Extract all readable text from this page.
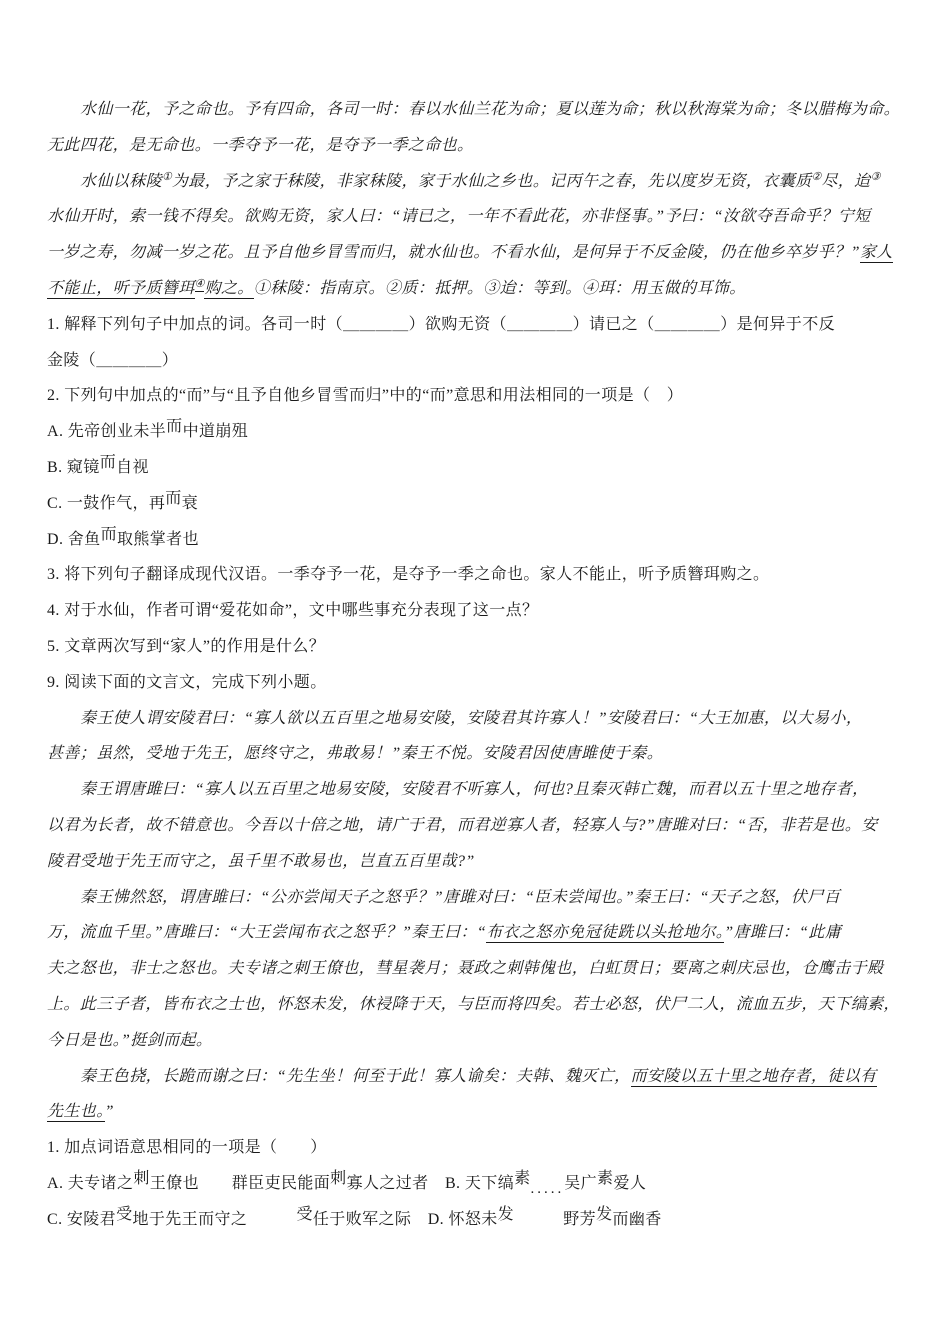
水仙一花，予之命也。予有四命，各司一时：春以水仙兰花为命；夏以莲为命；秋以秋海棠为命；冬以腊梅为命。
无此四花，是无命也。一季夺予一花，是夺予一季之命也。
水仙以秣陵①为最，予之家于秣陵，非家秣陵，家于水仙之乡也。记丙午之春，先以度岁无资，衣囊质②尽，迨③
水仙开时，索一钱不得矣。欲购无资，家人曰：“请已之，一年不看此花，亦非怪事。”予曰：“汝欲夺吾命乎？宁短
一岁之寿，勿减一岁之花。且予自他乡冒雪而归，就水仙也。不看水仙，是何异于不反金陵，仍在他乡卒岁乎？”家人
不能止，听予质簪珥④购之。①秣陵：指南京。②质：抵押。③迨：等到。④珥：用玉做的耳饰。
1. 解释下列句子中加点的词。各司一时（＿＿＿＿）欲购无资（＿＿＿＿）请已之（＿＿＿＿）是何异于不反
金陵（＿＿＿＿）
2. 下列句中加点的“而”与“且予自他乡冒雪而归”中的“而”意思和用法相同的一项是（　）
A. 先帝创业未半而中道崩殂
B. 窥镜而自视
C. 一鼓作气，再而衰
D. 舍鱼而取熊掌者也
3. 将下列句子翻译成现代汉语。一季夺予一花，是夺予一季之命也。家人不能止，听予质簪珥购之。
4. 对于水仙，作者可谓“爱花如命”，文中哪些事充分表现了这一点？
5. 文章两次写到“家人”的作用是什么？
9. 阅读下面的文言文，完成下列小题。
秦王使人谓安陵君曰：“寡人欲以五百里之地易安陵，安陵君其许寡人！”安陵君曰：“大王加惠，以大易小，
甚善；虽然，受地于先王，愿终守之，弗敢易！”秦王不悦。安陵君因使唐雎使于秦。
秦王谓唐雎曰：“寡人以五百里之地易安陵，安陵君不听寡人，何也?且秦灭韩亡魏，而君以五十里之地存者，
以君为长者，故不错意也。今吾以十倍之地，请广于君，而君逆寡人者，轻寡人与?”唐雎对曰：“否，非若是也。安
陵君受地于先王而守之，虽千里不敢易也，岂直五百里哉?”
秦王怫然怒，谓唐雎曰：“公亦尝闻天子之怒乎？”唐雎对曰：“臣未尝闻也。”秦王曰：“天子之怒，伏尸百
万，流血千里。”唐雎曰：“大王尝闻布衣之怒乎？”秦王曰：“布衣之怒亦免冠徒跣以头抢地尔。”唐雎曰：“此庸
夫之怒也，非士之怒也。夫专诸之刺王僚也，彗星袭月；聂政之刺韩傀也，白虹贯日；要离之刺庆忌也，仓鹰击于殿
上。此三子者，皆布衣之士也，怀怒未发，休祲降于天，与臣而将四矣。若士必怒，伏尸二人，流血五步，天下缟素，
今日是也。”挺剑而起。
秦王色挠，长跪而谢之曰：“先生坐！何至于此！寡人谕矣：夫韩、魏灭亡，而安陵以五十里之地存者，徒以有
先生也。”
1. 加点词语意思相同的一项是（　　）
A. 夫专诸之刺王僚也　　群臣吏民能面刺寡人之过者　B. 天下缟素.....吴广素爱人
C. 安陵君受地于先王而守之　　　受任于败军之际　D. 怀怒未发　　　野芳发而幽香
